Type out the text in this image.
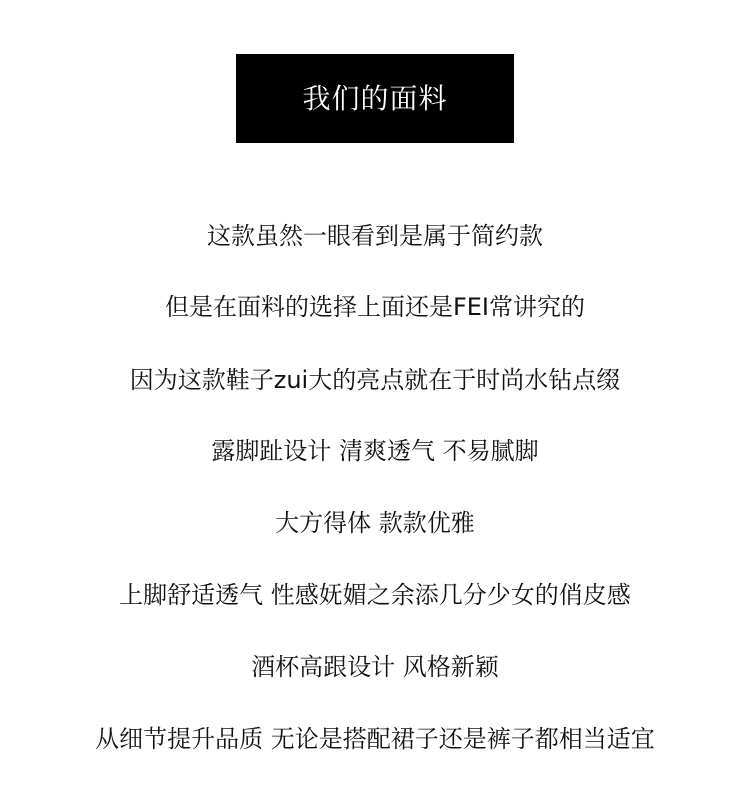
我们的面料
这款虽然一眼看到是属于简约款
但是在面料的选择上面还是FEI常讲究的
因为这款鞋子zui大的亮点就在于时尚水钻点缀
露脚趾设计 清爽透气 不易腻脚
大方得体 款款优雅
上脚舒适透气 性感妩媚之余添几分少女的俏皮感
酒杯高跟设计 风格新颖
从细节提升品质 无论是搭配裙子还是裤子都相当适宜
